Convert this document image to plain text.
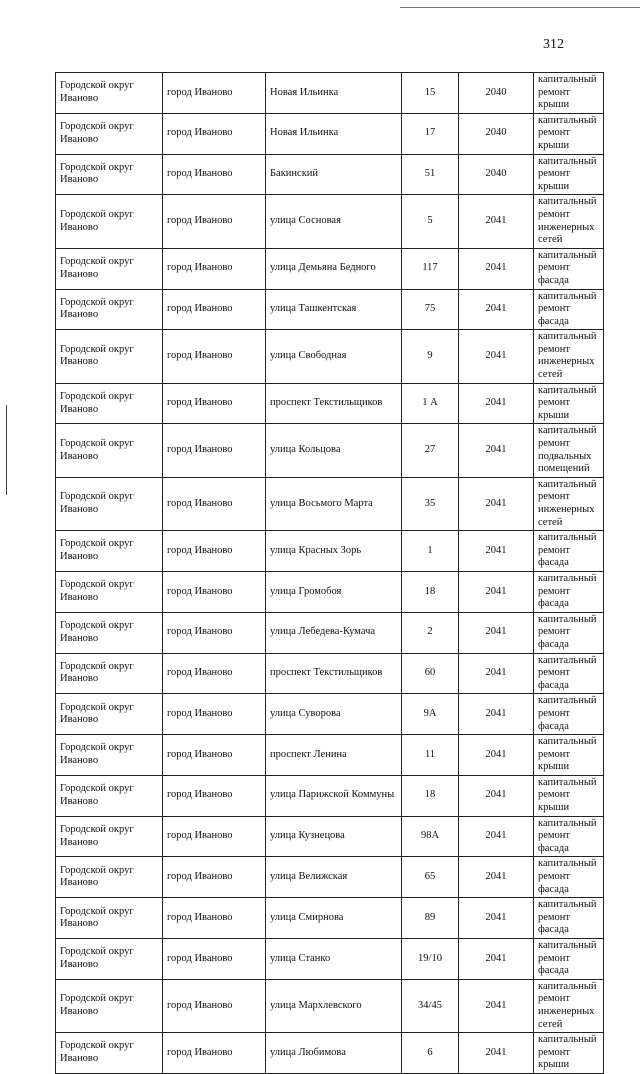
312
Городской округ Иваново	город Иваново	Новая Ильинка	15	2040	капитальный ремонт крыши
Городской округ Иваново	город Иваново	Новая Ильинка	17	2040	капитальный ремонт крыши
Городской округ Иваново	город Иваново	Бакинский	51	2040	капитальный ремонт крыши
Городской округ Иваново	город Иваново	улица Сосновая	5	2041	капитальный ремонт инженерных сетей
Городской округ Иваново	город Иваново	улица Демьяна Бедного	117	2041	капитальный ремонт фасада
Городской округ Иваново	город Иваново	улица Ташкентская	75	2041	капитальный ремонт фасада
Городской округ Иваново	город Иваново	улица Свободная	9	2041	капитальный ремонт инженерных сетей
Городской округ Иваново	город Иваново	проспект Текстильщиков	1 А	2041	капитальный ремонт крыши
Городской округ Иваново	город Иваново	улица Кольцова	27	2041	капитальный ремонт подвальных помещений
Городской округ Иваново	город Иваново	улица Восьмого Марта	35	2041	капитальный ремонт инженерных сетей
Городской округ Иваново	город Иваново	улица Красных Зорь	1	2041	капитальный ремонт фасада
Городской округ Иваново	город Иваново	улица Громобоя	18	2041	капитальный ремонт фасада
Городской округ Иваново	город Иваново	улица Лебедева-Кумача	2	2041	капитальный ремонт фасада
Городской округ Иваново	город Иваново	проспект Текстильщиков	60	2041	капитальный ремонт фасада
Городской округ Иваново	город Иваново	улица Суворова	9А	2041	капитальный ремонт фасада
Городской округ Иваново	город Иваново	проспект Ленина	11	2041	капитальный ремонт крыши
Городской округ Иваново	город Иваново	улица Парижской Коммуны	18	2041	капитальный ремонт крыши
Городской округ Иваново	город Иваново	улица Кузнецова	98А	2041	капитальный ремонт фасада
Городской округ Иваново	город Иваново	улица Велижская	65	2041	капитальный ремонт фасада
Городской округ Иваново	город Иваново	улица Смирнова	89	2041	капитальный ремонт фасада
Городской округ Иваново	город Иваново	улица Станко	19/10	2041	капитальный ремонт фасада
Городской округ Иваново	город Иваново	улица Мархлевского	34/45	2041	капитальный ремонт инженерных сетей
Городской округ Иваново	город Иваново	улица Любимова	6	2041	капитальный ремонт крыши
